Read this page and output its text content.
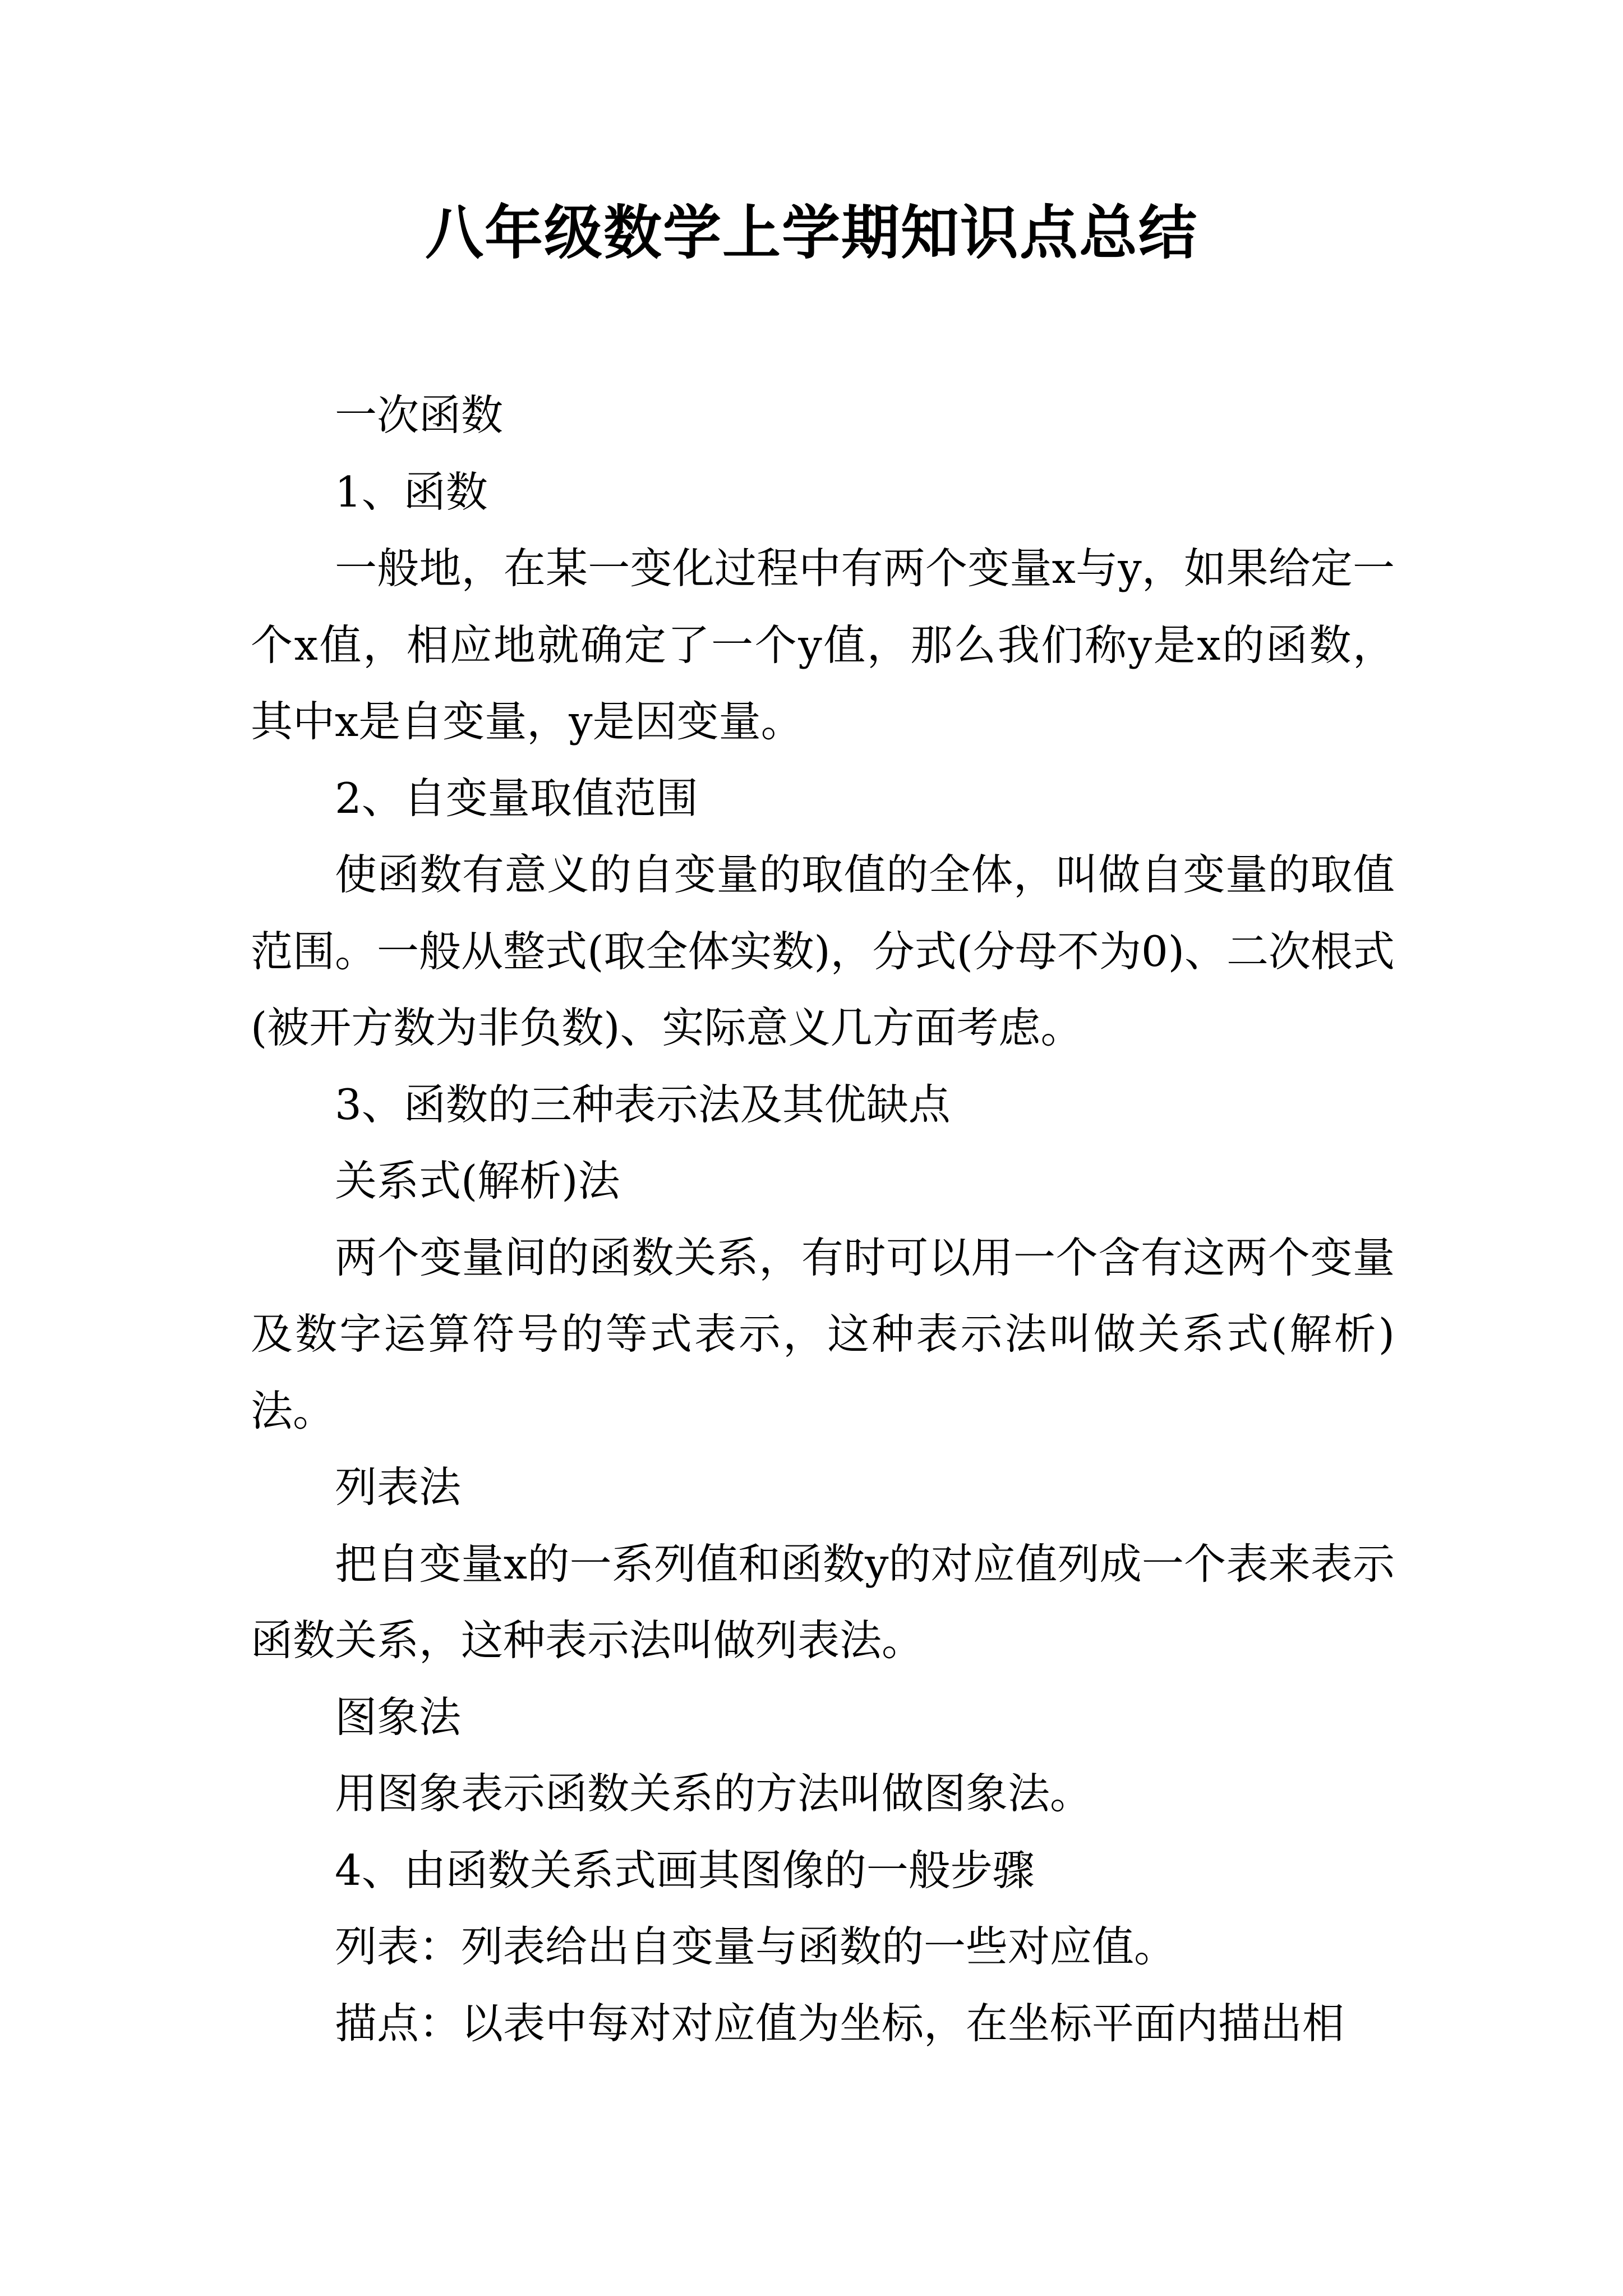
八年级数学上学期知识点总结

一次函数

1、函数

一般地，在某一变化过程中有两个变量x与y，如果给定一个x值，相应地就确定了一个y值，那么我们称y是x的函数，其中x是自变量，y是因变量。

2、自变量取值范围

使函数有意义的自变量的取值的全体，叫做自变量的取值范围。一般从整式(取全体实数)，分式(分母不为0)、二次根式(被开方数为非负数)、实际意义几方面考虑。

3、函数的三种表示法及其优缺点

关系式(解析)法

两个变量间的函数关系，有时可以用一个含有这两个变量及数字运算符号的等式表示，这种表示法叫做关系式(解析)法。

列表法

把自变量x的一系列值和函数y的对应值列成一个表来表示函数关系，这种表示法叫做列表法。

图象法

用图象表示函数关系的方法叫做图象法。

4、由函数关系式画其图像的一般步骤

列表：列表给出自变量与函数的一些对应值。

描点：以表中每对对应值为坐标，在坐标平面内描出相
